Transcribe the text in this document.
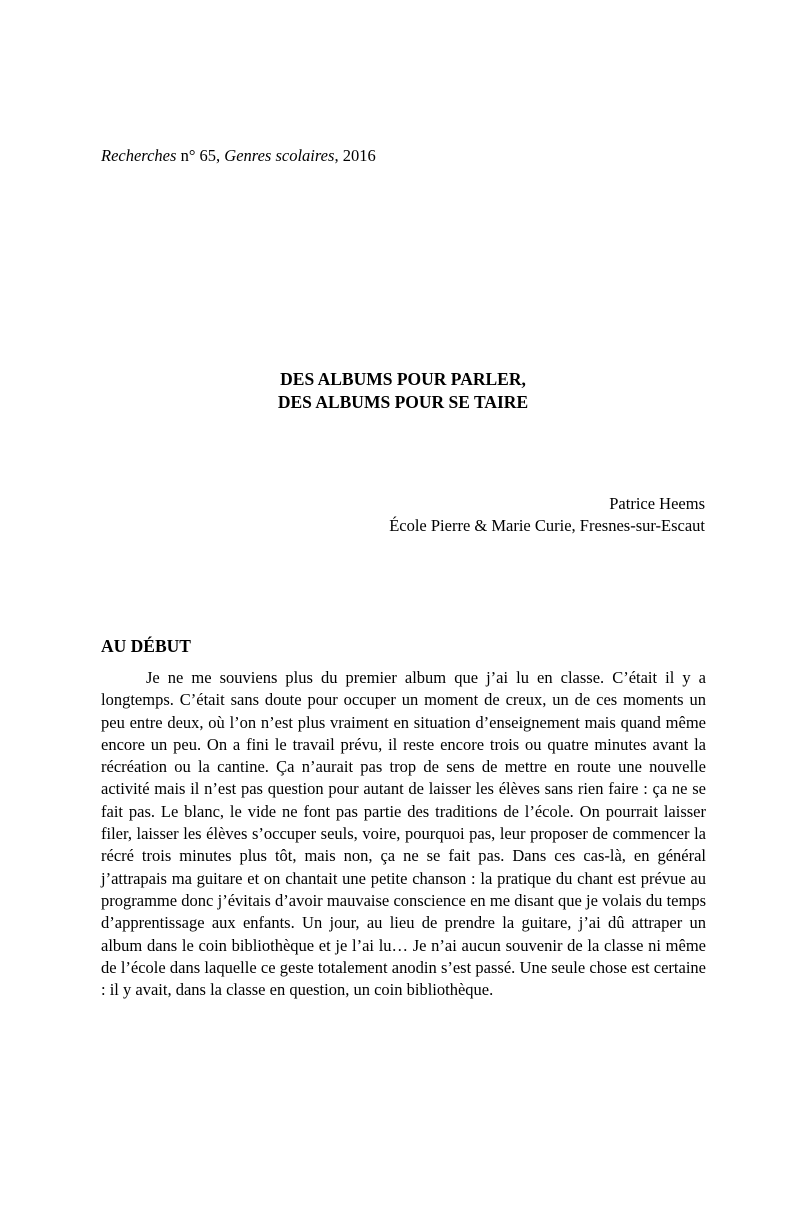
Recherches n° 65, Genres scolaires, 2016
DES ALBUMS POUR PARLER,
DES ALBUMS POUR SE TAIRE
Patrice Heems
École Pierre & Marie Curie, Fresnes-sur-Escaut
AU DÉBUT

Je ne me souviens plus du premier album que j’ai lu en classe. C’était il y a longtemps. C’était sans doute pour occuper un moment de creux, un de ces moments un peu entre deux, où l’on n’est plus vraiment en situation d’enseignement mais quand même encore un peu. On a fini le travail prévu, il reste encore trois ou quatre minutes avant la récréation ou la cantine. Ça n’aurait pas trop de sens de mettre en route une nouvelle activité mais il n’est pas question pour autant de laisser les élèves sans rien faire : ça ne se fait pas. Le blanc, le vide ne font pas partie des traditions de l’école. On pourrait laisser filer, laisser les élèves s’occuper seuls, voire, pourquoi pas, leur proposer de commencer la récré trois minutes plus tôt, mais non, ça ne se fait pas. Dans ces cas-là, en général j’attrapais ma guitare et on chantait une petite chanson : la pratique du chant est prévue au programme donc j’évitais d’avoir mauvaise conscience en me disant que je volais du temps d’apprentissage aux enfants. Un jour, au lieu de prendre la guitare, j’ai dû attraper un album dans le coin bibliothèque et je l’ai lu… Je n’ai aucun souvenir de la classe ni même de l’école dans laquelle ce geste totalement anodin s’est passé. Une seule chose est certaine : il y avait, dans la classe en question, un coin bibliothèque.
